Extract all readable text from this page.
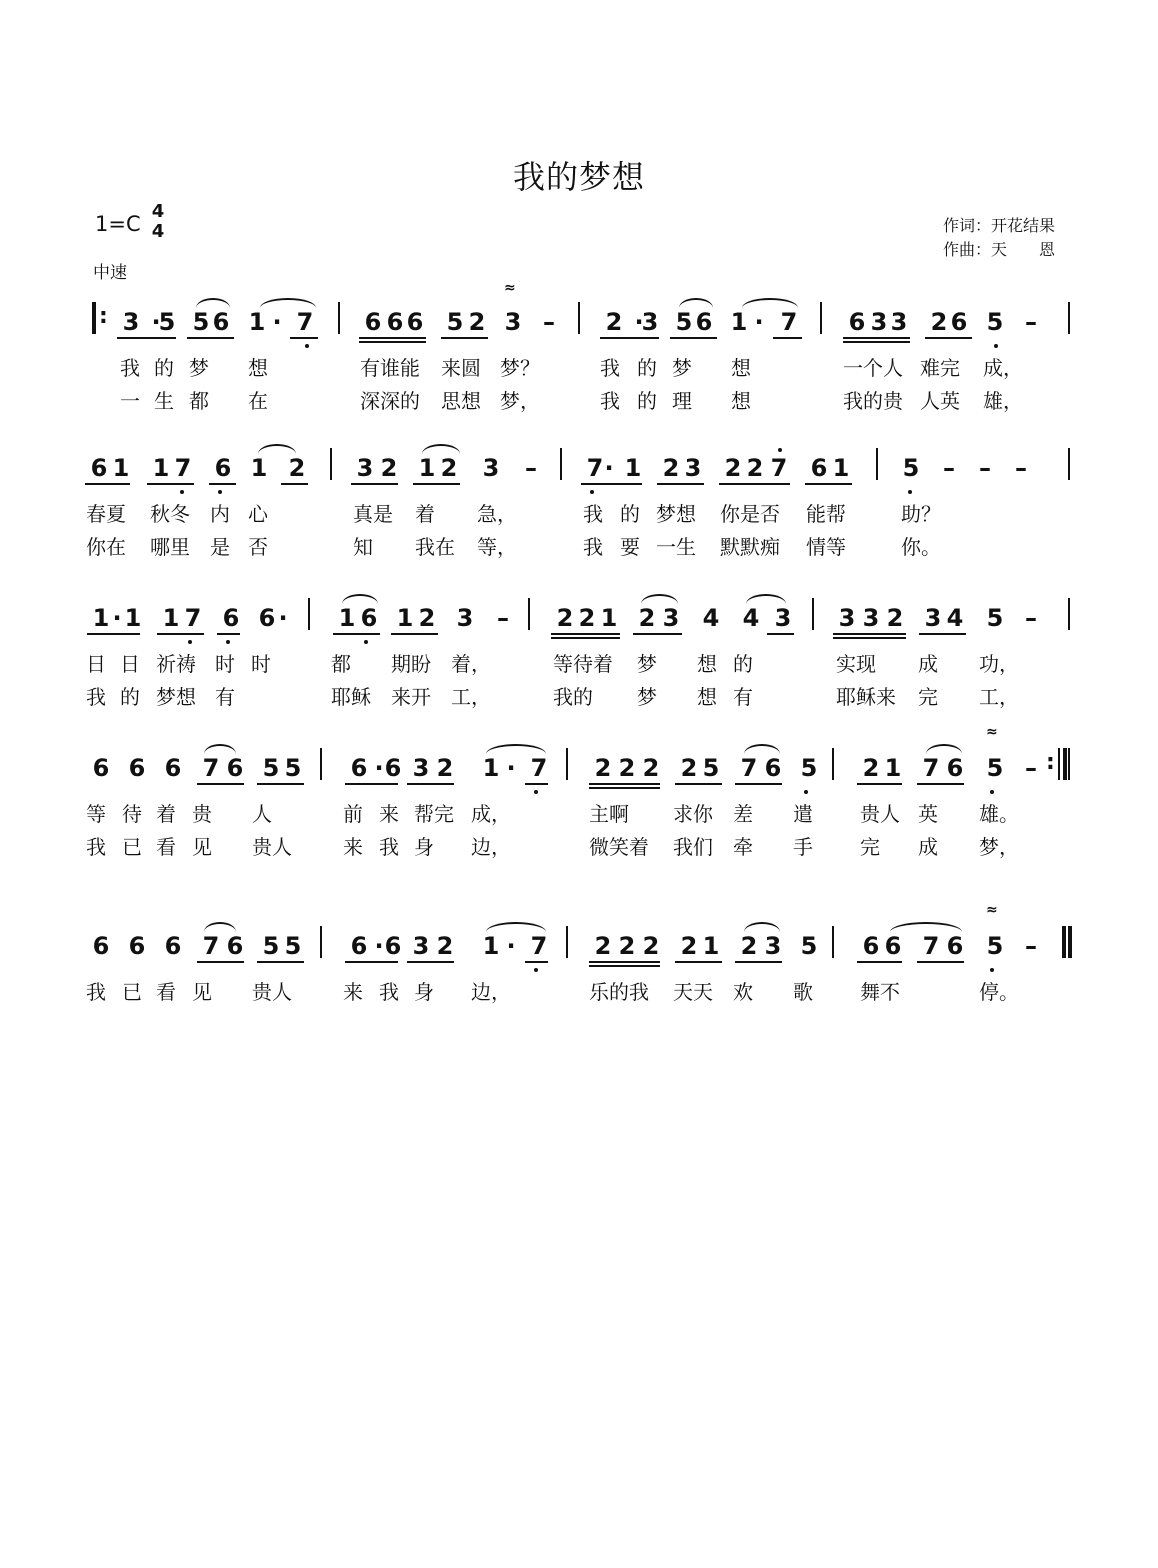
我的梦想
1=C
4
4
中速
作词：开花结果
作曲：天　　恩
3 ·
5 5 6 1 · 7 6 6 6 5 2 3 – 2 ·
3 5 6 1 · 7 6 3 3 2 6 5 –
:
≈
我 的 梦 想	有谁能 来圆 梦？	我 的 梦 想	一个人 难完 成，
一 生 都 在	深深的 思想 梦，	我 的 理 想	我的贵 人英 雄，
6 1 1 7 6 1 2 3 2 1 2 3 – 7 · 1 2 3 2 2 7 6 1 5 – – –
春夏 秋冬 内 心	真是 着 急，	我 的 梦想 你是否 能帮	助？
你在 哪里 是 否	知 我在 等，	我 要 一生 默默痴 情等	你。
1 · 1 1 7 6 6 · 1 6 1 2 3 – 2 2 1 2 3 4 4 3 3 3 2 3 4 5 –
日 日 祈祷 时 时	都 期盼 着，	等待着 梦 想 的	实现 成 功，
我 的 梦想 有	耶稣 来开 工，	我的 梦 想 有	耶稣来 完 工，
6 6 6 7 6 5 5 6 · 6 3 2 1 · 7 2 2 2 2 5 7 6 5 2 1 7 6 5 – :
≈
等 待 着 贵 人	前 来 帮完 成，	主啊 求你 差 遣 贵人 英 雄。
我 已 看 见 贵人	来 我 身 边，	微笑着 我们 牵 手 完 成 梦，
6 6 6 7 6 5 5 6 · 6 3 2 1 · 7 2 2 2 2 1 2 3 5 6 6 7 6 5 –
≈
我 已 看 见 贵人	来 我 身 边，	乐的我 天天 欢 歌 舞不	停。
